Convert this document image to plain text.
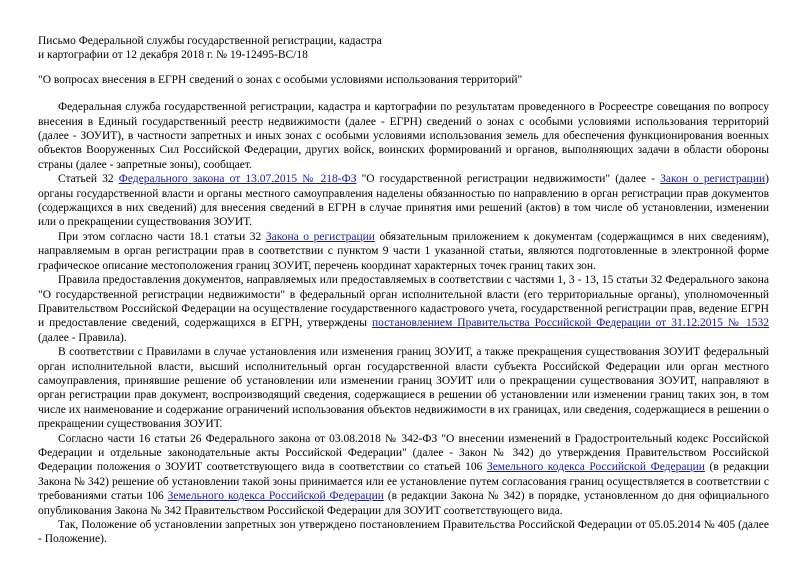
Письмо Федеральной службы государственной регистрации, кадастра
и картографии от 12 декабря 2018 г. № 19-12495-ВС/18
"О вопросах внесения в ЕГРН сведений о зонах с особыми условиями использования территорий"

Федеральная служба государственной регистрации, кадастра и картографии по результатам проведенного в Росреестре совещания по вопросу внесения в Единый государственный реестр недвижимости (далее - ЕГРН) сведений о зонах с особыми условиями использования территорий (далее - ЗОУИТ), в частности запретных и иных зонах с особыми условиями использования земель для обеспечения функционирования военных объектов Вооруженных Сил Российской Федерации, других войск, воинских формирований и органов, выполняющих задачи в области обороны страны (далее - запретные зоны), сообщает.

Статьей 32 Федерального закона от 13.07.2015 № 218-ФЗ "О государственной регистрации недвижимости" (далее - Закон о регистрации) органы государственной власти и органы местного самоуправления наделены обязанностью по направлению в орган регистрации прав документов (содержащихся в них сведений) для внесения сведений в ЕГРН в случае принятия ими решений (актов) в том числе об установлении, изменении или о прекращении существования ЗОУИТ.

При этом согласно части 18.1 статьи 32 Закона о регистрации обязательным приложением к документам (содержащимся в них сведениям), направляемым в орган регистрации прав в соответствии с пунктом 9 части 1 указанной статьи, являются подготовленные в электронной форме графическое описание местоположения границ ЗОУИТ, перечень координат характерных точек границ таких зон.

Правила предоставления документов, направляемых или предоставляемых в соответствии с частями 1, 3 - 13, 15 статьи 32 Федерального закона "О государственной регистрации недвижимости" в федеральный орган исполнительной власти (его территориальные органы), уполномоченный Правительством Российской Федерации на осуществление государственного кадастрового учета, государственной регистрации прав, ведение ЕГРН и предоставление сведений, содержащихся в ЕГРН, утверждены постановлением Правительства Российской Федерации от 31.12.2015 № 1532 (далее - Правила).

В соответствии с Правилами в случае установления или изменения границ ЗОУИТ, а также прекращения существования ЗОУИТ федеральный орган исполнительной власти, высший исполнительный орган государственной власти субъекта Российской Федерации или орган местного самоуправления, принявшие решение об установлении или изменении границ ЗОУИТ или о прекращении существования ЗОУИТ, направляют в орган регистрации прав документ, воспроизводящий сведения, содержащиеся в решении об установлении или изменении границ таких зон, в том числе их наименование и содержание ограничений использования объектов недвижимости в их границах, или сведения, содержащиеся в решении о прекращении существования ЗОУИТ.

Согласно части 16 статьи 26 Федерального закона от 03.08.2018 № 342-ФЗ "О внесении изменений в Градостроительный кодекс Российской Федерации и отдельные законодательные акты Российской Федерации" (далее - Закон № 342) до утверждения Правительством Российской Федерации положения о ЗОУИТ соответствующего вида в соответствии со статьей 106 Земельного кодекса Российской Федерации (в редакции Закона № 342) решение об установлении такой зоны принимается или ее установление путем согласования границ осуществляется в соответствии с требованиями статьи 106 Земельного кодекса Российской Федерации (в редакции Закона № 342) в порядке, установленном до дня официального опубликования Закона № 342 Правительством Российской Федерации для ЗОУИТ соответствующего вида.

Так, Положение об установлении запретных зон утверждено постановлением Правительства Российской Федерации от 05.05.2014 № 405 (далее - Положение).
